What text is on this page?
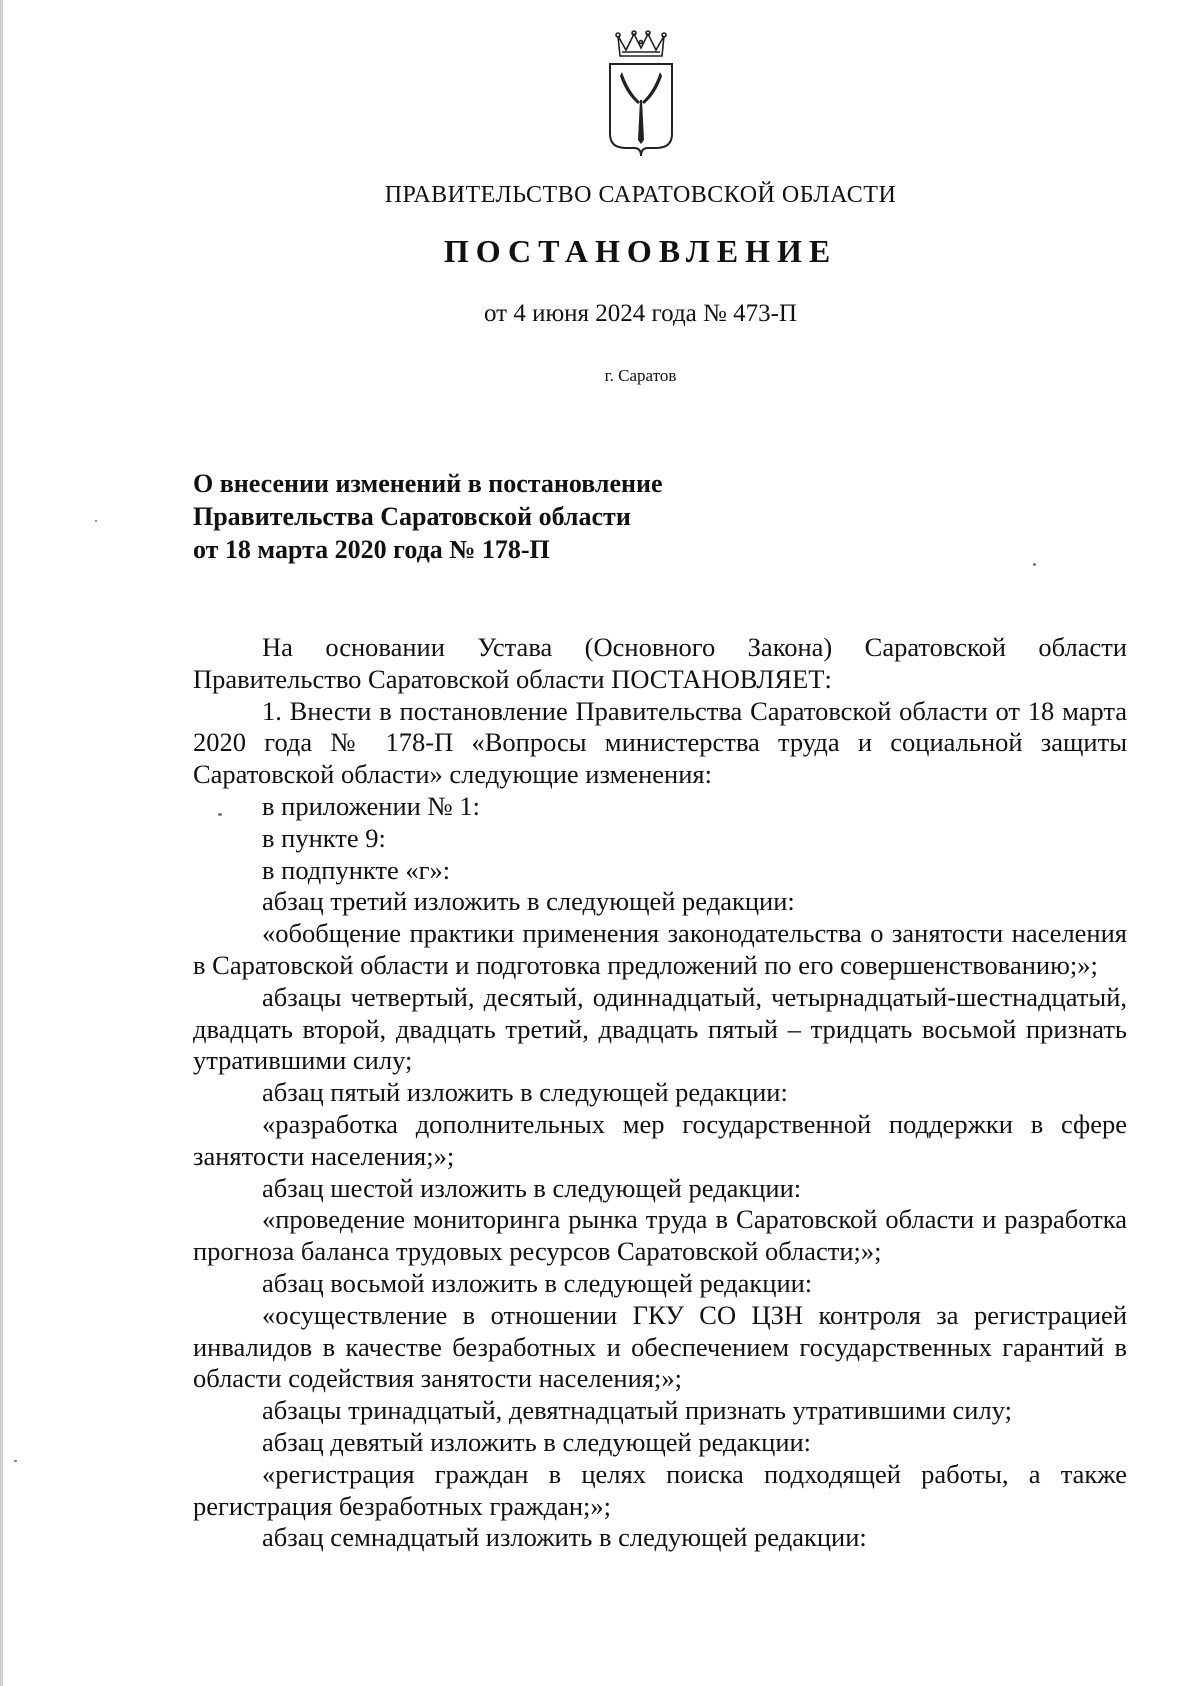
ПРАВИТЕЛЬСТВО САРАТОВСКОЙ ОБЛАСТИ
ПОСТАНОВЛЕНИЕ
от 4 июня 2024 года № 473-П
г. Саратов
О внесении изменений в постановление
Правительства Саратовской области
от 18 марта 2020 года № 178-П

На основании Устава (Основного Закона) Саратовской области Правительство Саратовской области ПОСТАНОВЛЯЕТ:

1. Внести в постановление Правительства Саратовской области от 18 марта 2020 года № 178-П «Вопросы министерства труда и социальной защиты Саратовской области» следующие изменения:

в приложении № 1:

в пункте 9:

в подпункте «г»:

абзац третий изложить в следующей редакции:

«обобщение практики применения законодательства о занятости населения в Саратовской области и подготовка предложений по его совершенствованию;»;

абзацы четвертый, десятый, одиннадцатый, четырнадцатый-шестнадцатый, двадцать второй, двадцать третий, двадцать пятый – тридцать восьмой признать утратившими силу;

абзац пятый изложить в следующей редакции:

«разработка дополнительных мер государственной поддержки в сфере занятости населения;»;

абзац шестой изложить в следующей редакции:

«проведение мониторинга рынка труда в Саратовской области и разработка прогноза баланса трудовых ресурсов Саратовской области;»;

абзац восьмой изложить в следующей редакции:

«осуществление в отношении ГКУ СО ЦЗН контроля за регистрацией инвалидов в качестве безработных и обеспечением государственных гарантий в области содействия занятости населения;»;

абзацы тринадцатый, девятнадцатый признать утратившими силу;

абзац девятый изложить в следующей редакции:

«регистрация граждан в целях поиска подходящей работы, а также регистрация безработных граждан;»;

абзац семнадцатый изложить в следующей редакции:
